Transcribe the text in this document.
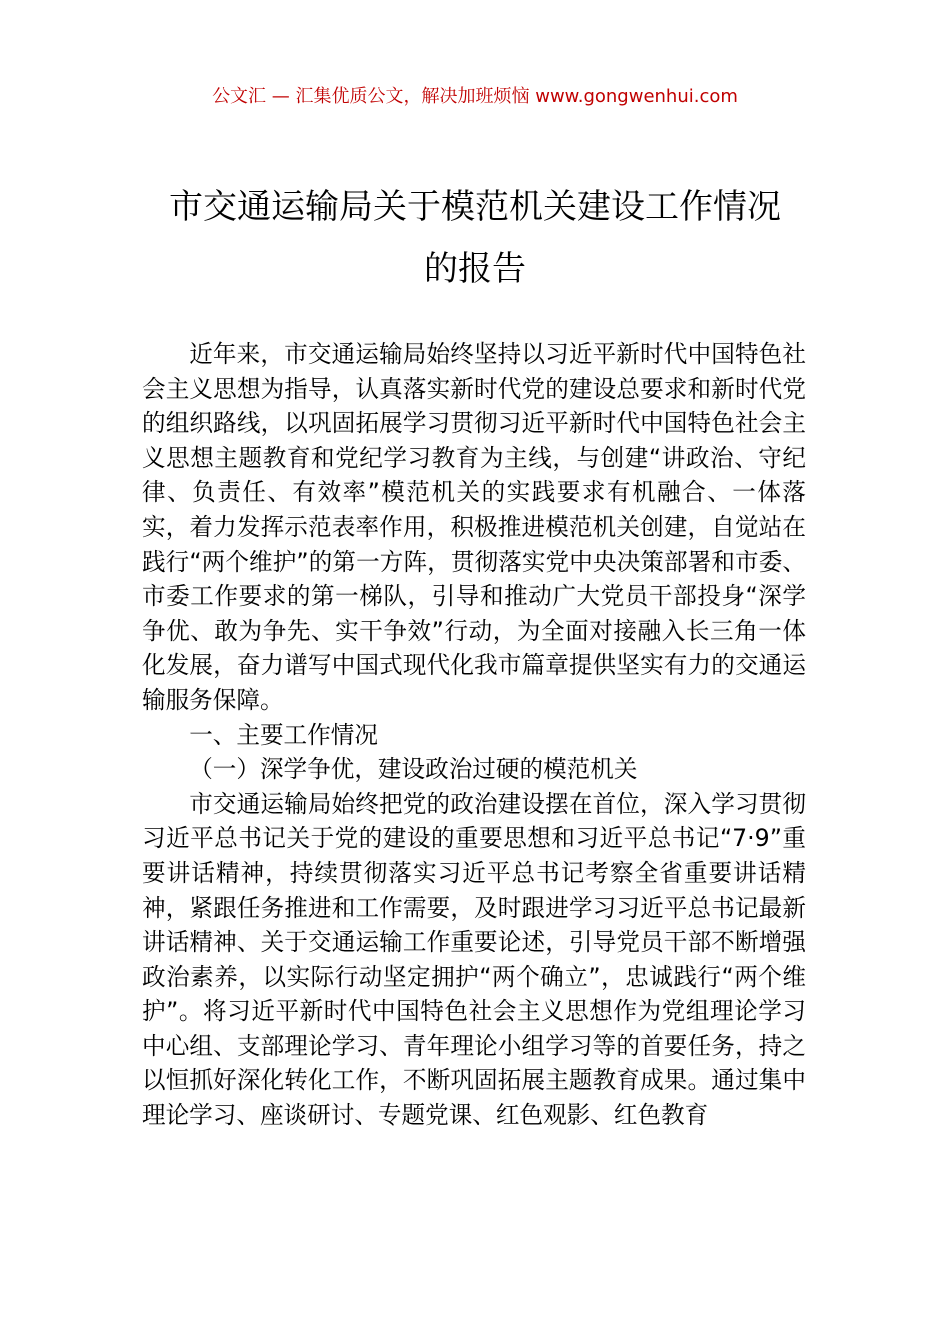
公文汇 — 汇集优质公文，解决加班烦恼 www.gongwenhui.com
市交通运输局关于模范机关建设工作情况
的报告

近年来，市交通运输局始终坚持以习近平新时代中国特色社会主义思想为指导，认真落实新时代党的建设总要求和新时代党的组织路线，以巩固拓展学习贯彻习近平新时代中国特色社会主义思想主题教育和党纪学习教育为主线，与创建“讲政治、守纪律、负责任、有效率”模范机关的实践要求有机融合、一体落实，着力发挥示范表率作用，积极推进模范机关创建，自觉站在践行“两个维护”的第一方阵，贯彻落实党中央决策部署和市委、市委工作要求的第一梯队，引导和推动广大党员干部投身“深学争优、敢为争先、实干争效”行动，为全面对接融入长三角一体化发展，奋力谱写中国式现代化我市篇章提供坚实有力的交通运输服务保障。

一、主要工作情况

（一）深学争优，建设政治过硬的模范机关

市交通运输局始终把党的政治建设摆在首位，深入学习贯彻习近平总书记关于党的建设的重要思想和习近平总书记“7·9”重要讲话精神，持续贯彻落实习近平总书记考察全省重要讲话精神，紧跟任务推进和工作需要，及时跟进学习习近平总书记最新讲话精神、关于交通运输工作重要论述，引导党员干部不断增强政治素养，以实际行动坚定拥护“两个确立”，忠诚践行“两个维护”。将习近平新时代中国特色社会主义思想作为党组理论学习中心组、支部理论学习、青年理论小组学习等的首要任务，持之以恒抓好深化转化工作，不断巩固拓展主题教育成果。通过集中理论学习、座谈研讨、专题党课、红色观影、红色教育
